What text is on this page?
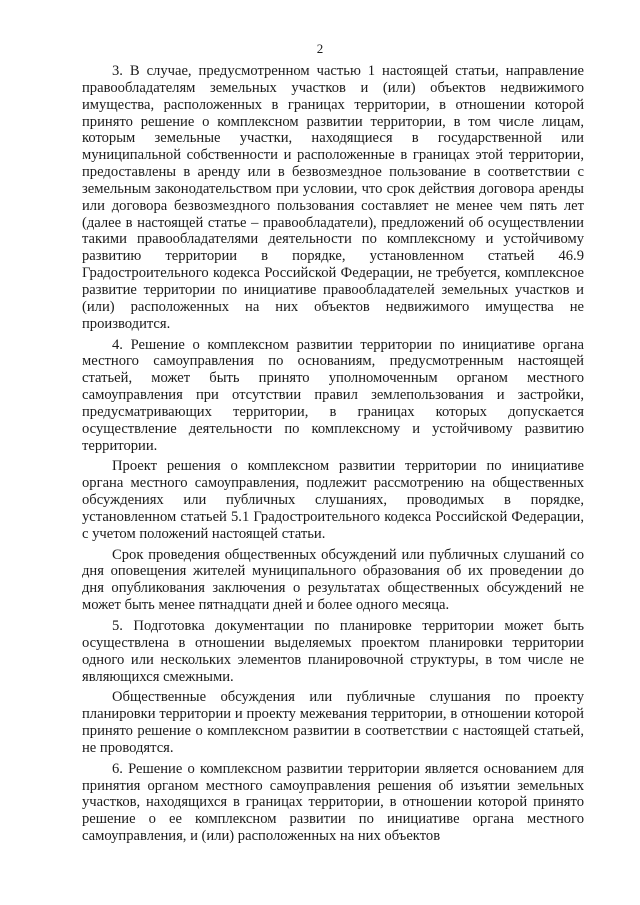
2

3. В случае, предусмотренном частью 1 настоящей статьи, направление правообладателям земельных участков и (или) объектов недвижимого имущества, расположенных в границах территории, в отношении которой принято решение о комплексном развитии территории, в том числе лицам, которым земельные участки, находящиеся в государственной или муниципальной собственности и расположенные в границах этой территории, предоставлены в аренду или в безвозмездное пользование в соответствии с земельным законодательством при условии, что срок действия договора аренды или договора безвозмездного пользования составляет не менее чем пять лет (далее в настоящей статье – правообладатели), предложений об осуществлении такими правообладателями деятельности по комплексному и устойчивому развитию территории в порядке, установленном статьей 46.9 Градостроительного кодекса Российской Федерации, не требуется, комплексное развитие территории по инициативе правообладателей земельных участков и (или) расположенных на них объектов недвижимого имущества не производится.

4. Решение о комплексном развитии территории по инициативе органа местного самоуправления по основаниям, предусмотренным настоящей статьей, может быть принято уполномоченным органом местного самоуправления при отсутствии правил землепользования и застройки, предусматривающих территории, в границах которых допускается осуществление деятельности по комплексному и устойчивому развитию территории.

Проект решения о комплексном развитии территории по инициативе органа местного самоуправления, подлежит рассмотрению на общественных обсуждениях или публичных слушаниях, проводимых в порядке, установленном статьей 5.1 Градостроительного кодекса Российской Федерации, с учетом положений настоящей статьи.

Срок проведения общественных обсуждений или публичных слушаний со дня оповещения жителей муниципального образования об их проведении до дня опубликования заключения о результатах общественных обсуждений не может быть менее пятнадцати дней и более одного месяца.

5. Подготовка документации по планировке территории может быть осуществлена в отношении выделяемых проектом планировки территории одного или нескольких элементов планировочной структуры, в том числе не являющихся смежными.

Общественные обсуждения или публичные слушания по проекту планировки территории и проекту межевания территории, в отношении которой принято решение о комплексном развитии в соответствии с настоящей статьей, не проводятся.

6. Решение о комплексном развитии территории является основанием для принятия органом местного самоуправления решения об изъятии земельных участков, находящихся в границах территории, в отношении которой принято решение о ее комплексном развитии по инициативе органа местного самоуправления, и (или) расположенных на них объектов
